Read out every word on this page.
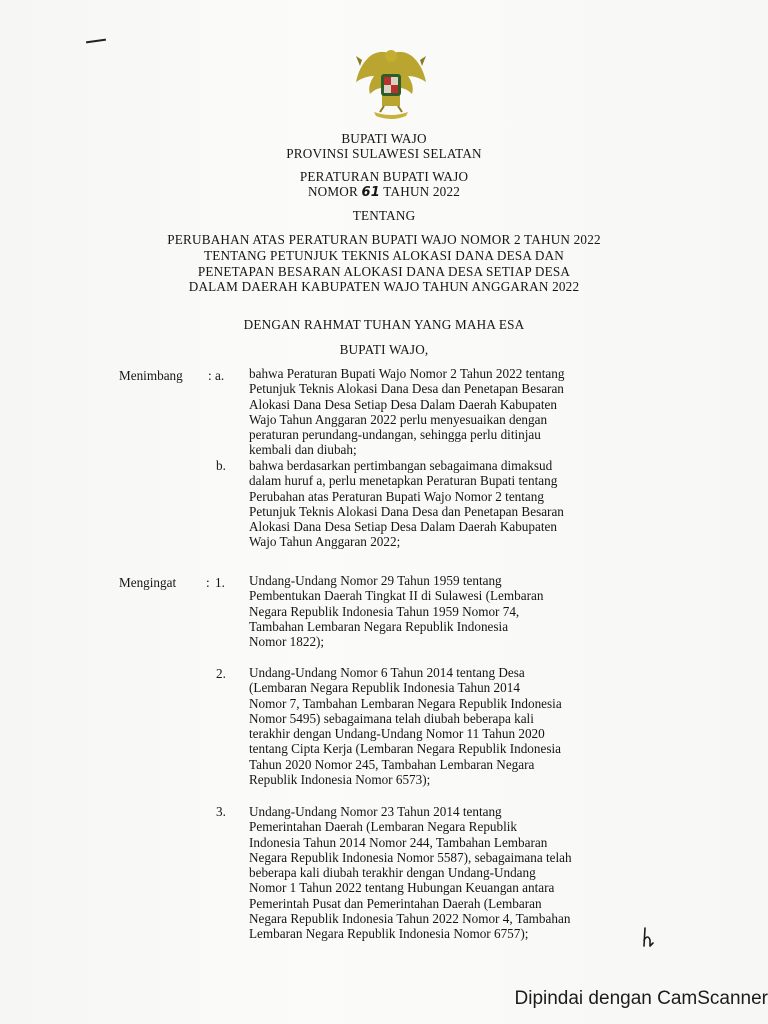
BUPATI WAJO
PROVINSI SULAWESI SELATAN
PERATURAN BUPATI WAJO
NOMOR 61 TAHUN 2022
TENTANG
PERUBAHAN ATAS PERATURAN BUPATI WAJO NOMOR 2 TAHUN 2022
TENTANG PETUNJUK TEKNIS ALOKASI DANA DESA DAN
PENETAPAN BESARAN ALOKASI DANA DESA SETIAP DESA
DALAM DAERAH KABUPATEN WAJO TAHUN ANGGARAN 2022
DENGAN RAHMAT TUHAN YANG MAHA ESA
BUPATI WAJO,
Menimbang : a. bahwa Peraturan Bupati Wajo Nomor 2 Tahun 2022 tentang
Petunjuk Teknis Alokasi Dana Desa dan Penetapan Besaran
Alokasi Dana Desa Setiap Desa Dalam Daerah Kabupaten
Wajo Tahun Anggaran 2022 perlu menyesuaikan dengan
peraturan perundang-undangan, sehingga perlu ditinjau
kembali dan diubah;
b. bahwa berdasarkan pertimbangan sebagaimana dimaksud
dalam huruf a, perlu menetapkan Peraturan Bupati tentang
Perubahan atas Peraturan Bupati Wajo Nomor 2 tentang
Petunjuk Teknis Alokasi Dana Desa dan Penetapan Besaran
Alokasi Dana Desa Setiap Desa Dalam Daerah Kabupaten
Wajo Tahun Anggaran 2022;
Mengingat : 1. Undang-Undang Nomor 29 Tahun 1959 tentang
Pembentukan Daerah Tingkat II di Sulawesi (Lembaran
Negara Republik Indonesia Tahun 1959 Nomor 74,
Tambahan Lembaran Negara Republik Indonesia
Nomor 1822);
2. Undang-Undang Nomor 6 Tahun 2014 tentang Desa
(Lembaran Negara Republik Indonesia Tahun 2014
Nomor 7, Tambahan Lembaran Negara Republik Indonesia
Nomor 5495) sebagaimana telah diubah beberapa kali
terakhir dengan Undang-Undang Nomor 11 Tahun 2020
tentang Cipta Kerja (Lembaran Negara Republik Indonesia
Tahun 2020 Nomor 245, Tambahan Lembaran Negara
Republik Indonesia Nomor 6573);
3. Undang-Undang Nomor 23 Tahun 2014 tentang
Pemerintahan Daerah (Lembaran Negara Republik
Indonesia Tahun 2014 Nomor 244, Tambahan Lembaran
Negara Republik Indonesia Nomor 5587), sebagaimana telah
beberapa kali diubah terakhir dengan Undang-Undang
Nomor 1 Tahun 2022 tentang Hubungan Keuangan antara
Pemerintah Pusat dan Pemerintahan Daerah (Lembaran
Negara Republik Indonesia Tahun 2022 Nomor 4, Tambahan
Lembaran Negara Republik Indonesia Nomor 6757);
Dipindai dengan CamScanner
